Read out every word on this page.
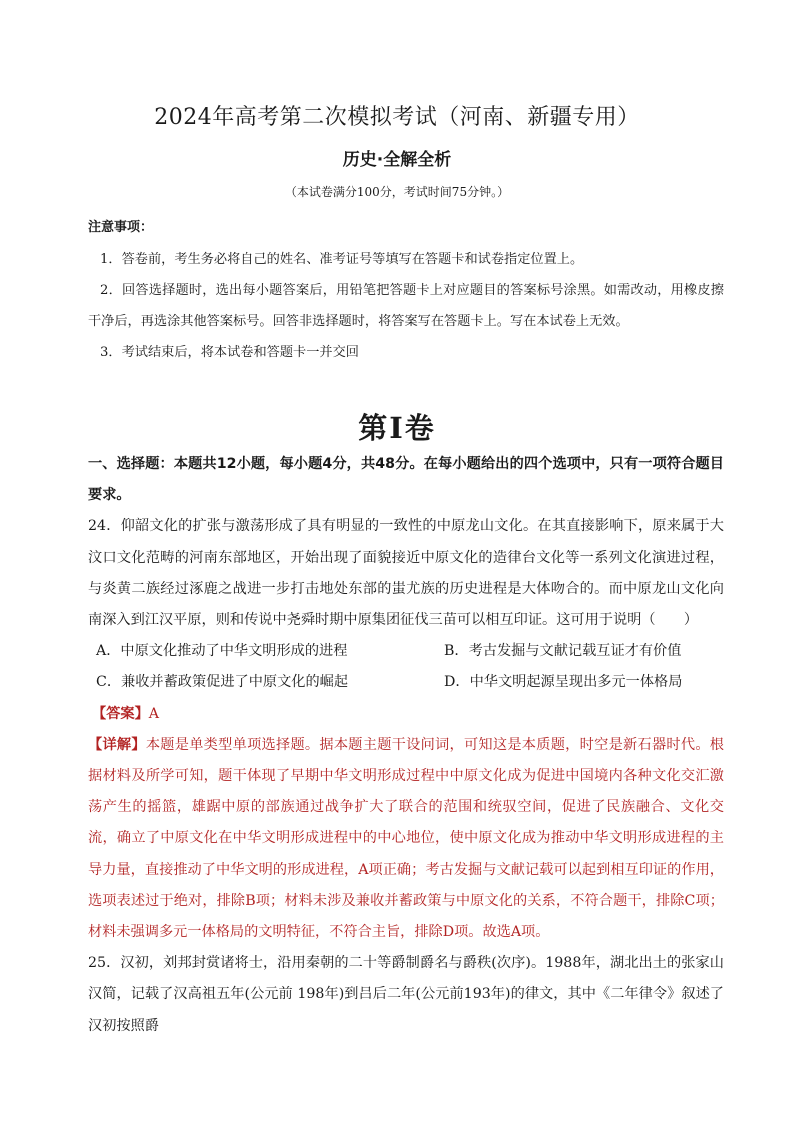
2024年高考第二次模拟考试（河南、新疆专用）
历史·全解全析
（本试卷满分100分，考试时间75分钟。）
注意事项：
1．答卷前，考生务必将自己的姓名、准考证号等填写在答题卡和试卷指定位置上。
2．回答选择题时，选出每小题答案后，用铅笔把答题卡上对应题目的答案标号涂黑。如需改动，用橡皮擦干净后，再选涂其他答案标号。回答非选择题时，将答案写在答题卡上。写在本试卷上无效。
3．考试结束后，将本试卷和答题卡一并交回
第Ⅰ卷

一、选择题：本题共12小题，每小题4分，共48分。在每小题给出的四个选项中，只有一项符合题目要求。

24．仰韶文化的扩张与激荡形成了具有明显的一致性的中原龙山文化。在其直接影响下，原来属于大汶口文化范畴的河南东部地区，开始出现了面貌接近中原文化的造律台文化等一系列文化演进过程，与炎黄二族经过涿鹿之战进一步打击地处东部的蚩尤族的历史进程是大体吻合的。而中原龙山文化向南深入到江汉平原，则和传说中尧舜时期中原集团征伐三苗可以相互印证。这可用于说明（　　）

A．中原文化推动了中华文明形成的进程	B．考古发掘与文献记载互证才有价值
C．兼收并蓄政策促进了中原文化的崛起	D．中华文明起源呈现出多元一体格局

【答案】A

【详解】本题是单类型单项选择题。据本题主题干设问词，可知这是本质题，时空是新石器时代。根据材料及所学可知，题干体现了早期中华文明形成过程中中原文化成为促进中国境内各种文化交汇激荡产生的摇篮，雄踞中原的部族通过战争扩大了联合的范围和统驭空间，促进了民族融合、文化交流，确立了中原文化在中华文明形成进程中的中心地位，使中原文化成为推动中华文明形成进程的主导力量，直接推动了中华文明的形成进程，A项正确；考古发掘与文献记载可以起到相互印证的作用，选项表述过于绝对，排除B项；材料未涉及兼收并蓄政策与中原文化的关系，不符合题干，排除C项；材料未强调多元一体格局的文明特征，不符合主旨，排除D项。故选A项。

25．汉初，刘邦封赏诸将士，沿用秦朝的二十等爵制爵名与爵秩(次序)。1988年，湖北出土的张家山汉简，记载了汉高祖五年(公元前 198年)到吕后二年(公元前193年)的律文，其中《二年律令》叙述了汉初按照爵
